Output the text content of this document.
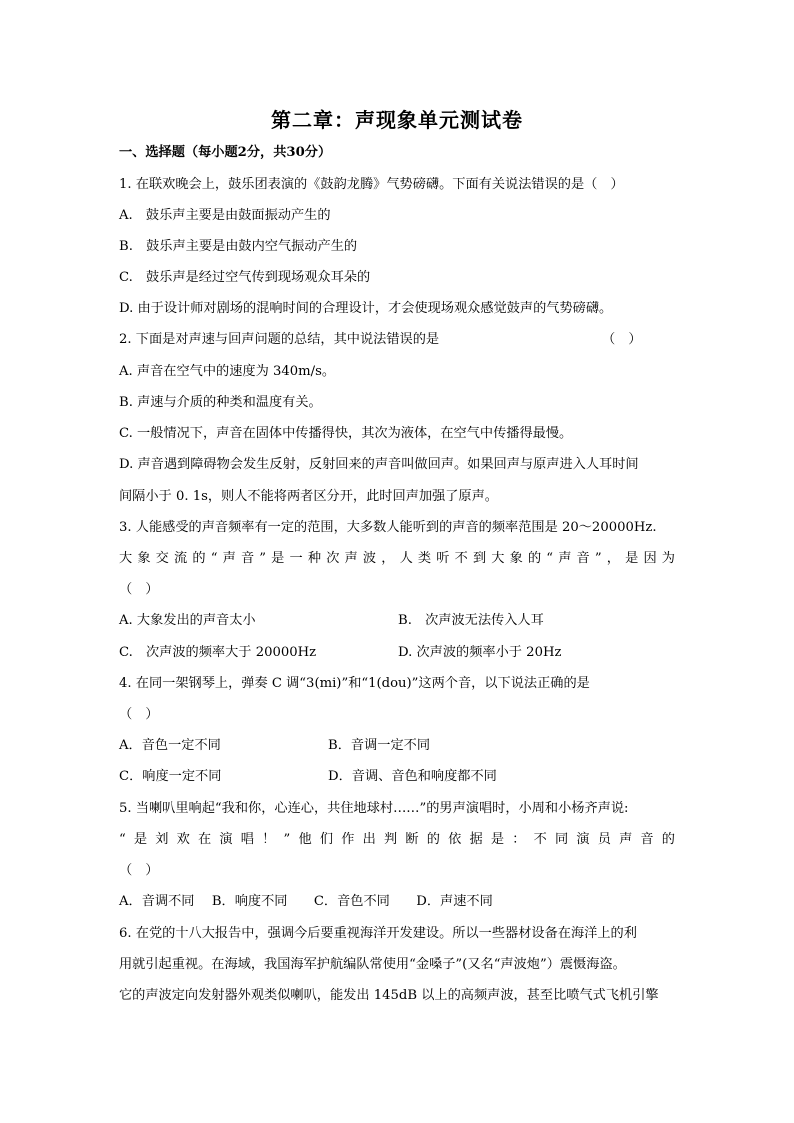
第二章：声现象单元测试卷
一、选择题（每小题2分，共30分）
1. 在联欢晚会上，鼓乐团表演的《鼓韵龙腾》气势磅礴。下面有关说法错误的是（　）
A.　鼓乐声主要是由鼓面振动产生的
B.　鼓乐声主要是由鼓内空气振动产生的
C.　鼓乐声是经过空气传到现场观众耳朵的
D. 由于设计师对剧场的混响时间的合理设计，才会使现场观众感觉鼓声的气势磅礴。
2. 下面是对声速与回声问题的总结，其中说法错误的是	（　）
A. 声音在空气中的速度为 340m/s。
B. 声速与介质的种类和温度有关。
C. 一般情况下，声音在固体中传播得快，其次为液体，在空气中传播得最慢。
D. 声音遇到障碍物会发生反射，反射回来的声音叫做回声。如果回声与原声进入人耳时间
间隔小于 0. 1s，则人不能将两者区分开，此时回声加强了原声。
3. 人能感受的声音频率有一定的范围，大多数人能听到的声音的频率范围是 20～20000Hz.
大象交流的“声音”是一种次声波，人类听不到大象的“声音”，是因为
（　）
A. 大象发出的声音太小	B.　次声波无法传入人耳
C.　次声波的频率大于 20000Hz	D. 次声波的频率小于 20Hz
4. 在同一架钢琴上，弹奏 C 调“3(mi)”和“1(dou)”这两个音，以下说法正确的是
（　）
A．音色一定不同	B．音调一定不同
C．响度一定不同	D．音调、音色和响度都不同
5. 当喇叭里响起“我和你，心连心，共住地球村……”的男声演唱时，小周和小杨齐声说:
“是刘欢在演唱！”他们作出判断的依据是：不同演员声音的
（　）
A．音调不同　 B．响度不同　　C．音色不同　　D．声速不同
6. 在党的十八大报告中，强调今后要重视海洋开发建设。所以一些器材设备在海洋上的利
用就引起重视。在海域，我国海军护航编队常使用“金嗓子”(又名“声波炮”）震慑海盗。
它的声波定向发射器外观类似喇叭，能发出 145dB 以上的高频声波，甚至比喷气式飞机引擎
